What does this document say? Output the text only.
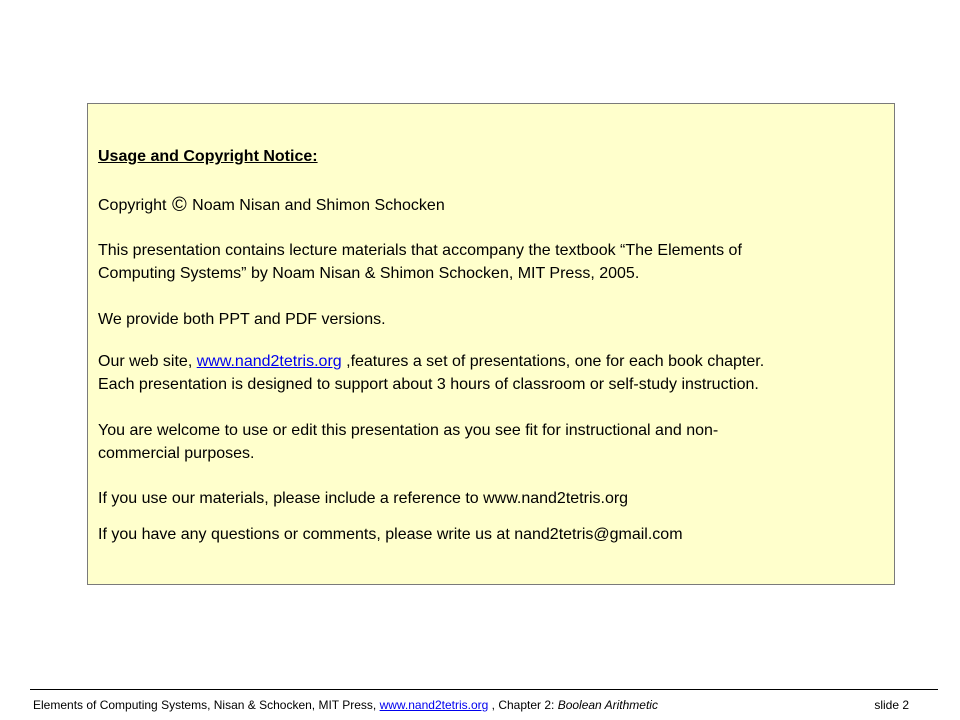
Usage and Copyright Notice:
Copyright © Noam Nisan and Shimon Schocken
This presentation contains lecture materials that accompany the textbook “The Elements of
Computing Systems” by Noam Nisan & Shimon Schocken, MIT Press, 2005.
We provide both PPT and PDF versions.
Our web site, www.nand2tetris.org ,features a set of presentations, one for each book chapter.
Each presentation is designed to support about 3 hours of classroom or self-study instruction.
You are welcome to use or edit this presentation as you see fit for instructional and non-
commercial purposes.
If you use our materials, please include a reference to www.nand2tetris.org
If you have any questions or comments, please write us at nand2tetris@gmail.com
Elements of Computing Systems, Nisan & Schocken, MIT Press, www.nand2tetris.org , Chapter 2: Boolean Arithmetic	slide 2
